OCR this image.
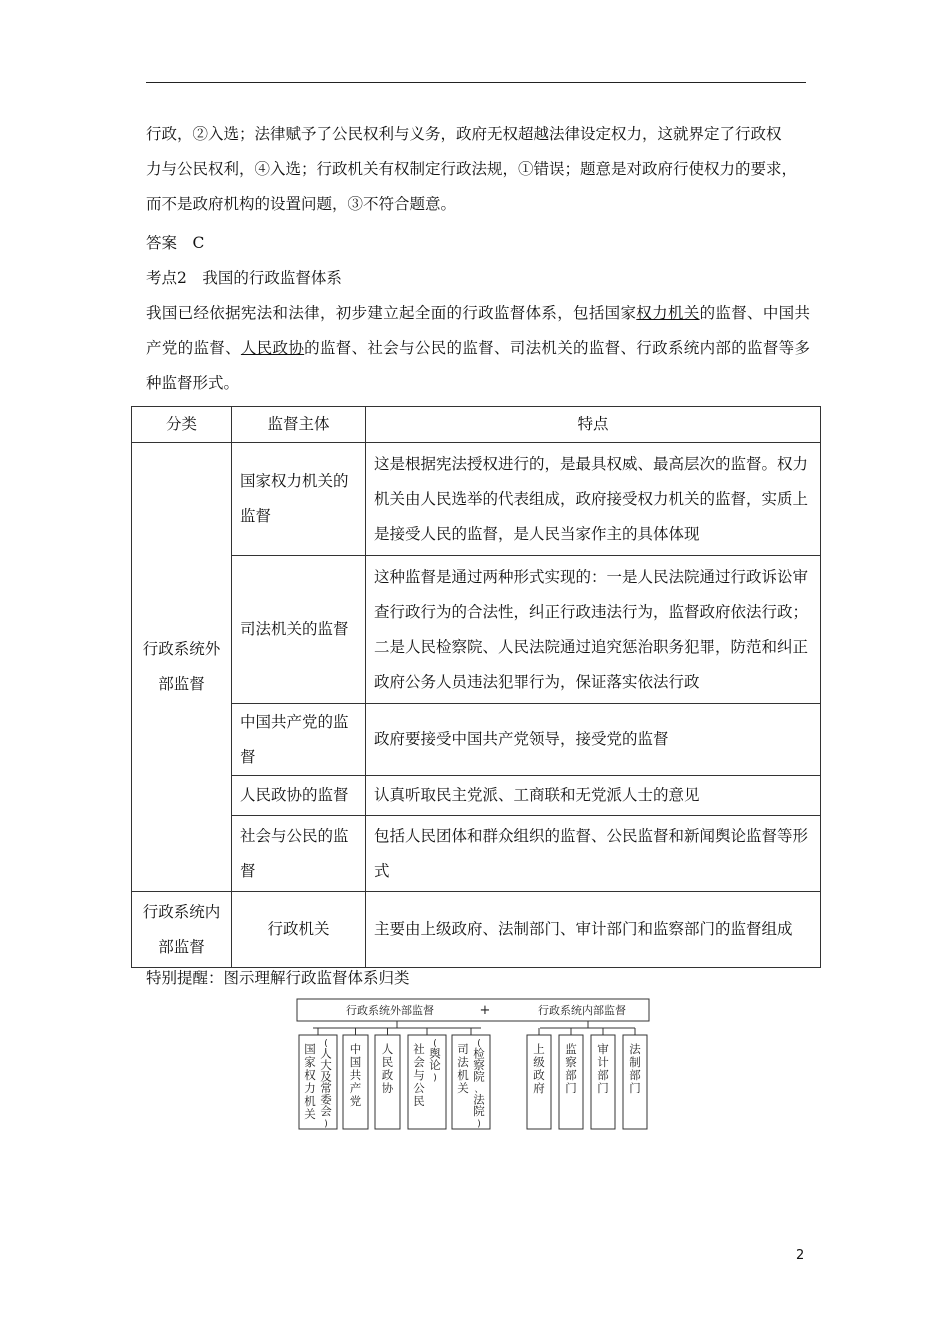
行政，②入选；法律赋予了公民权利与义务，政府无权超越法律设定权力，这就界定了行政权
力与公民权利，④入选；行政机关有权制定行政法规，①错误；题意是对政府行使权力的要求，
而不是政府机构的设置问题，③不符合题意。
答案　C
考点2　我国的行政监督体系
我国已经依据宪法和法律，初步建立起全面的行政监督体系，包括国家权力机关的监督、中国共产党的监督、人民政协的监督、社会与公民的监督、司法机关的监督、行政系统内部的监督等多种监督形式。
分类	监督主体	特点
行政系统外部监督	国家权力机关的监督	这是根据宪法授权进行的，是最具权威、最高层次的监督。权力机关由人民选举的代表组成，政府接受权力机关的监督，实质上是接受人民的监督，是人民当家作主的具体体现
	司法机关的监督	这种监督是通过两种形式实现的：一是人民法院通过行政诉讼审查行政行为的合法性，纠正行政违法行为，监督政府依法行政；二是人民检察院、人民法院通过追究惩治职务犯罪，防范和纠正政府公务人员违法犯罪行为，保证落实依法行政
	中国共产党的监督	政府要接受中国共产党领导，接受党的监督
	人民政协的监督	认真听取民主党派、工商联和无党派人士的意见
	社会与公民的监督	包括人民团体和群众组织的监督、公民监督和新闻舆论监督等形式
行政系统内部监督	行政机关	主要由上级政府、法制部门、审计部门和监察部门的监督组成
特别提醒：图示理解行政监督体系归类
行政系统外部监督	+	行政系统内部监督
国家权力机关
(人大及常委会)
中国共产党
人民政协
社会与公民
(舆论)
司法机关
(检察院、法院)
上级政府
监察部门
审计部门
法制部门
2
